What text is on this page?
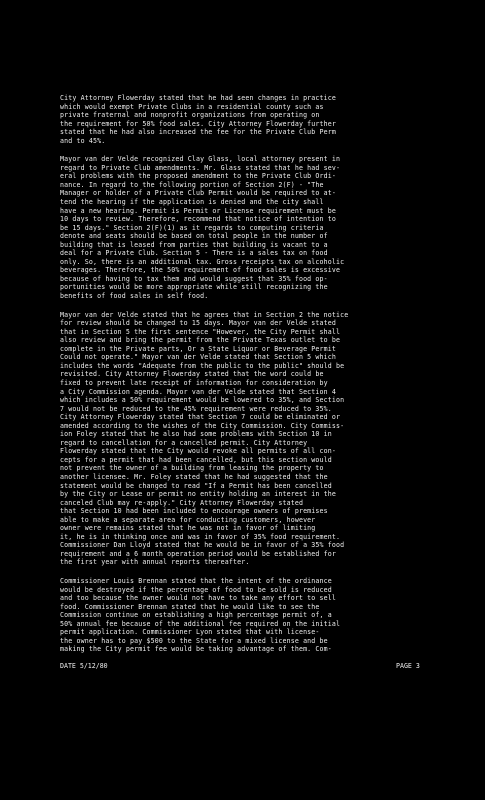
City Attorney Flowerday stated that he had seen changes in practice
which would exempt Private Clubs in a residential county such as
private fraternal and nonprofit organizations from operating on
the requirement for 50% food sales. City Attorney Flowerday further
stated that he had also increased the fee for the Private Club Perm
and to 45%.

Mayor van der Velde recognized Clay Glass, local attorney present in
regard to Private Club amendments. Mr. Glass stated that he had sev-
eral problems with the proposed amendment to the Private Club Ordi-
nance. In regard to the following portion of Section 2(F) - "The
Manager or holder of a Private Club Permit would be required to at-
tend the hearing if the application is denied and the city shall
have a new hearing. Permit is Permit or License requirement must be
10 days to review. Therefore, recommend that notice of intention to
be 15 days." Section 2(F)(1) as it regards to computing criteria
denote and seats should be based on total people in the number of
building that is leased from parties that building is vacant to a
deal for a Private Club. Section 5 - There is a sales tax on food
only. So, there is an additional tax. Gross receipts tax on alcoholic
beverages. Therefore, the 50% requirement of food sales is excessive
because of having to tax them and would suggest that 35% food op-
portunities would be more appropriate while still recognizing the
benefits of food sales in self food.

Mayor van der Velde stated that he agrees that in Section 2 the notice
for review should be changed to 15 days. Mayor van der Velde stated
that in Section 5 the first sentence "However, the City Permit shall
also review and bring the permit from the Private Texas outlet to be
complete in the Private parts, Or a State Liquor or Beverage Permit
Could not operate." Mayor van der Velde stated that Section 5 which
includes the words "Adequate from the public to the public" should be
revisited. City Attorney Flowerday stated that the word could be
fixed to prevent late receipt of information for consideration by
a City Commission agenda. Mayor van der Velde stated that Section 4
which includes a 50% requirement would be lowered to 35%, and Section
7 would not be reduced to the 45% requirement were reduced to 35%.
City Attorney Flowerday stated that Section 7 could be eliminated or
amended according to the wishes of the City Commission. City Commiss-
ion Foley stated that he also had some problems with Section 10 in
regard to cancellation for a cancelled permit. City Attorney
Flowerday stated that the City would revoke all permits of all con-
cepts for a permit that had been cancelled, but this section would
not prevent the owner of a building from leasing the property to
another licensee. Mr. Foley stated that he had suggested that the
statement would be changed to read "If a Permit has been cancelled
by the City or Lease or permit no entity holding an interest in the
canceled Club may re-apply." City Attorney Flowerday stated
that Section 10 had been included to encourage owners of premises
able to make a separate area for conducting customers, however
owner were remains stated that he was not in favor of limiting
it, he is in thinking once and was in favor of 35% food requirement.
Commissioner Dan Lloyd stated that he would be in favor of a 35% food
requirement and a 6 month operation period would be established for
the first year with annual reports thereafter.

Commissioner Louis Brennan stated that the intent of the ordinance
would be destroyed if the percentage of food to be sold is reduced
and too because the owner would not have to take any effort to sell
food. Commissioner Brennan stated that he would like to see the
Commission continue on establishing a high percentage permit of, a
50% annual fee because of the additional fee required on the initial
permit application. Commissioner Lyon stated that with license-
the owner has to pay $500 to the State for a mixed license and be
making the City permit fee would be taking advantage of them. Com-

DATE 5/12/80	PAGE 3
